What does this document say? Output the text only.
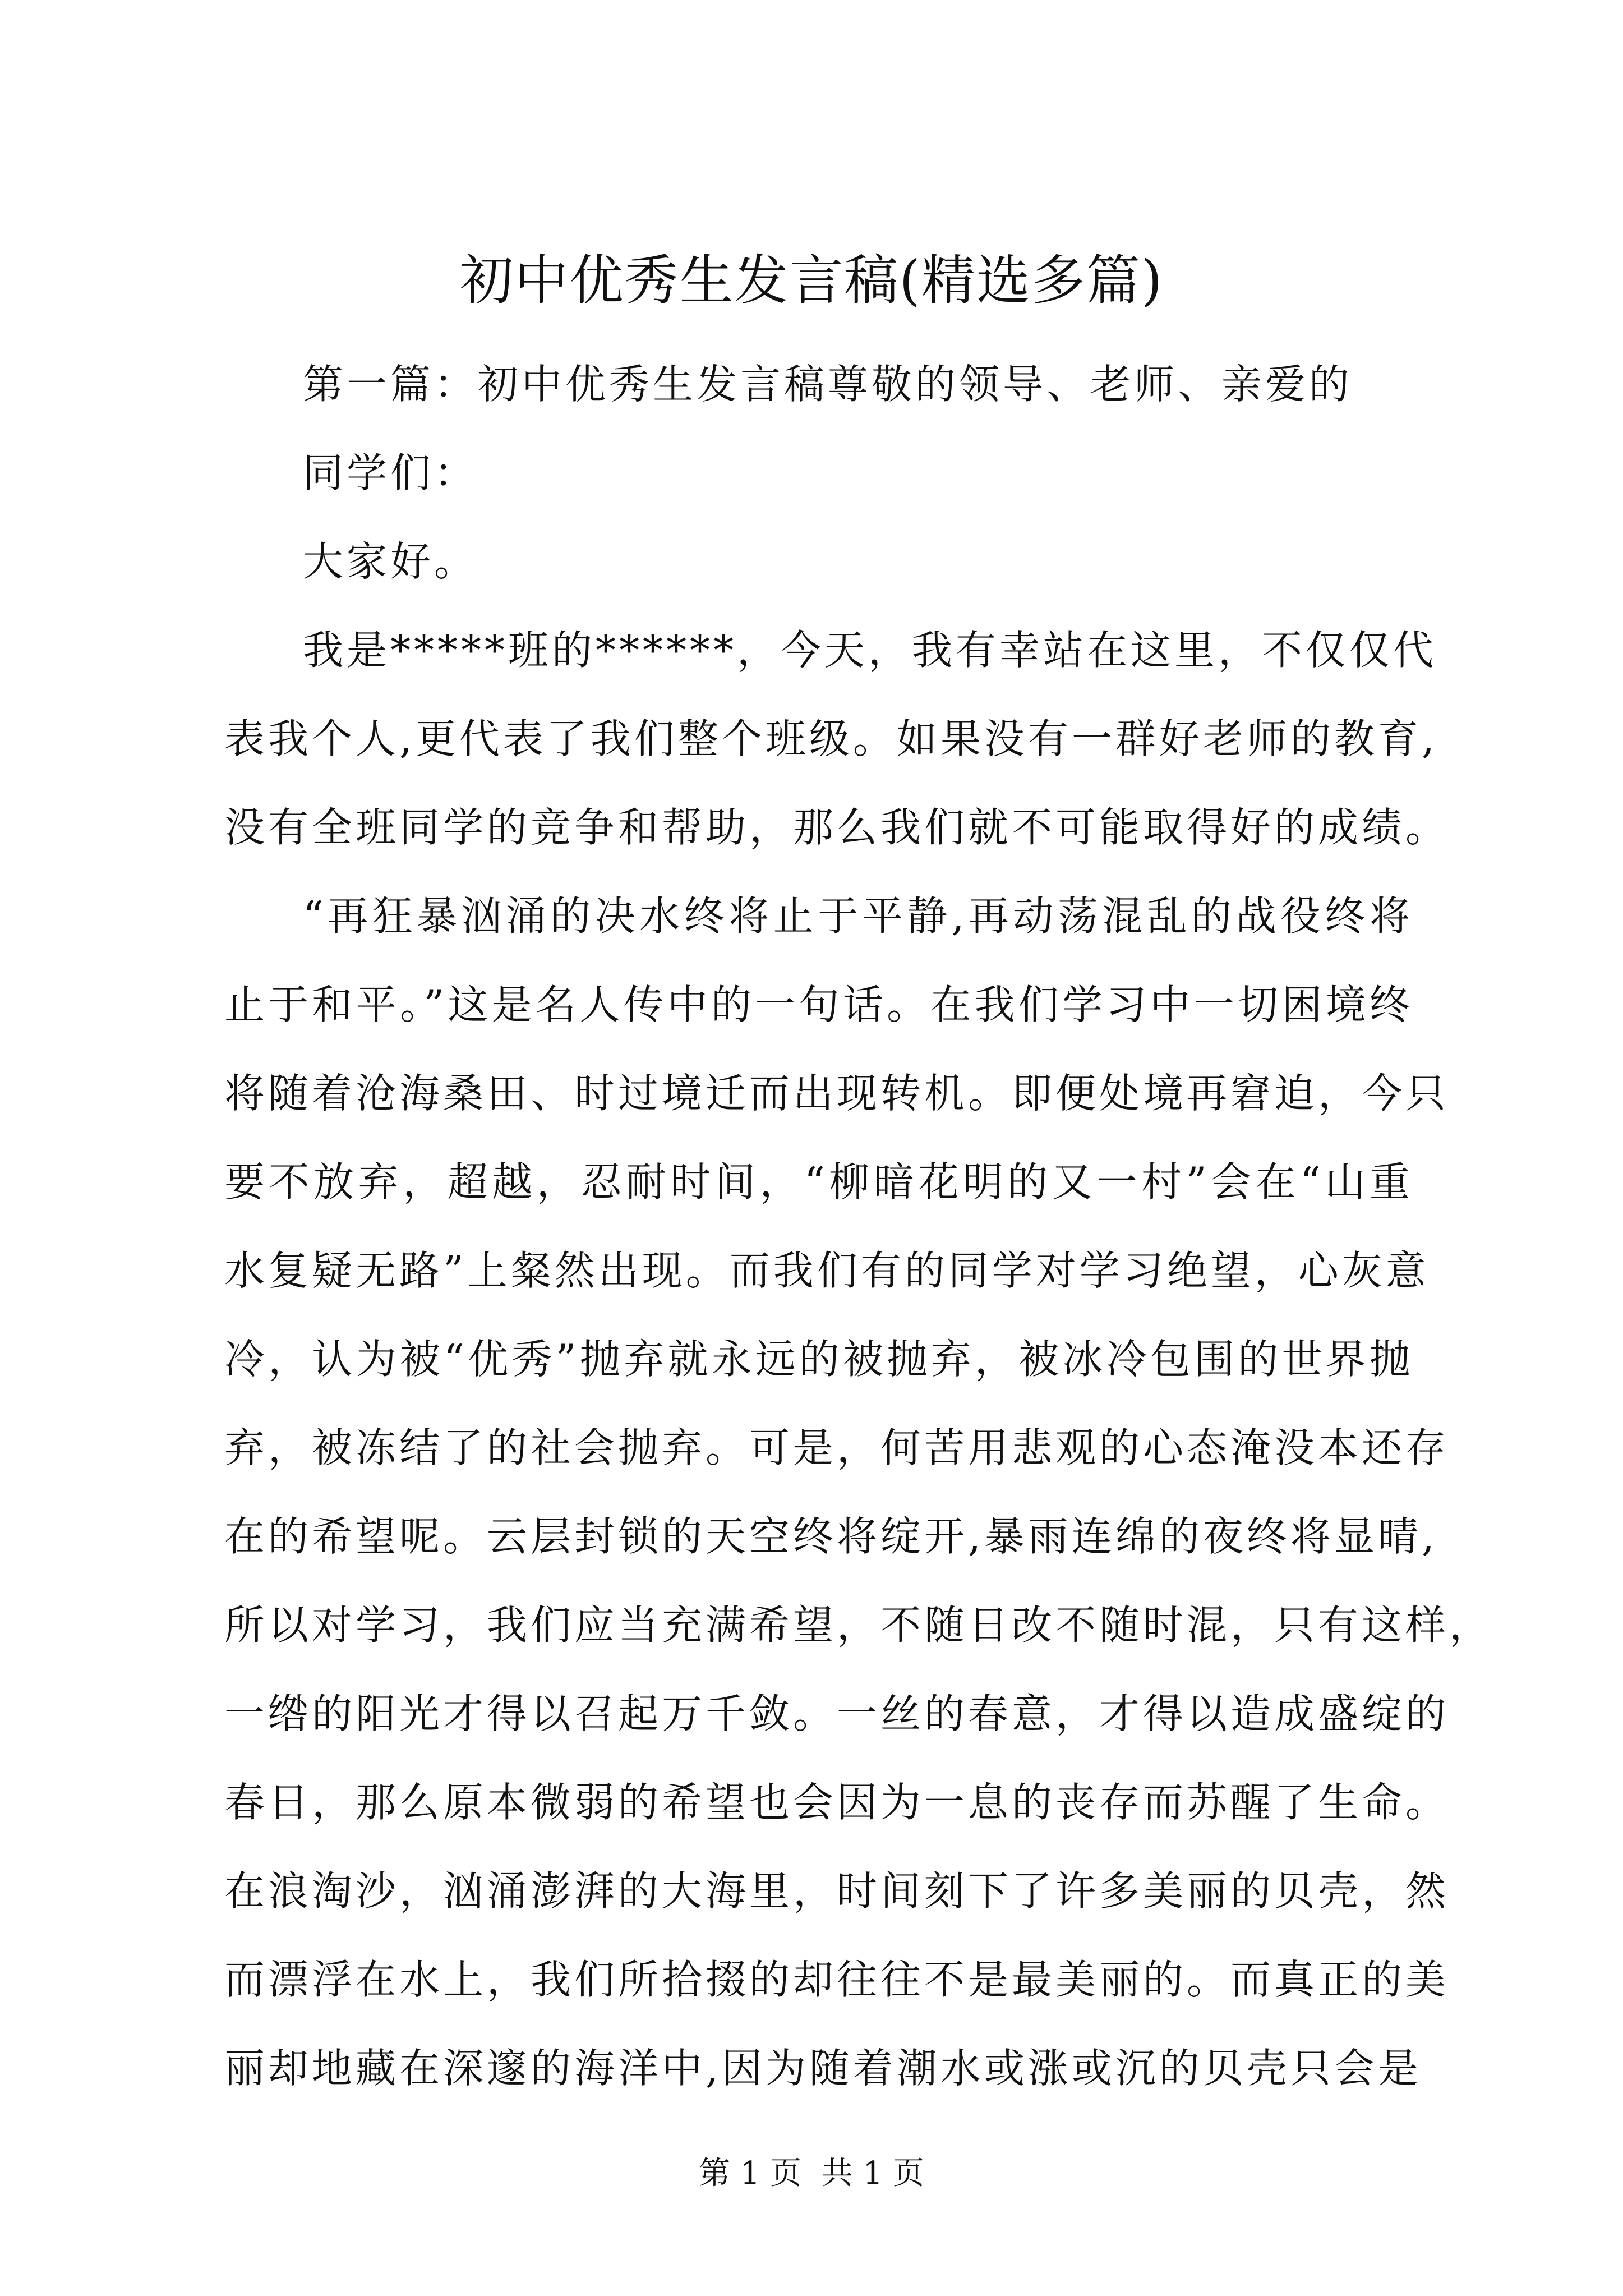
初中优秀生发言稿(精选多篇)

第一篇：初中优秀生发言稿尊敬的领导、老师、亲爱的

同学们：

大家好。

我是*****班的******，今天，我有幸站在这里，不仅仅代

表我个人,更代表了我们整个班级。如果没有一群好老师的教育,

没有全班同学的竞争和帮助，那么我们就不可能取得好的成绩。

“再狂暴汹涌的决水终将止于平静,再动荡混乱的战役终将

止于和平。”这是名人传中的一句话。在我们学习中一切困境终

将随着沧海桑田、时过境迁而出现转机。即便处境再窘迫，今只

要不放弃，超越，忍耐时间，“柳暗花明的又一村”会在“山重

水复疑无路”上粲然出现。而我们有的同学对学习绝望，心灰意

冷，认为被“优秀”抛弃就永远的被抛弃，被冰冷包围的世界抛

弃，被冻结了的社会抛弃。可是，何苦用悲观的心态淹没本还存

在的希望呢。云层封锁的天空终将绽开,暴雨连绵的夜终将显晴,

所以对学习，我们应当充满希望，不随日改不随时混，只有这样，

一绺的阳光才得以召起万千敛。一丝的春意，才得以造成盛绽的

春日，那么原本微弱的希望也会因为一息的丧存而苏醒了生命。

在浪淘沙，汹涌澎湃的大海里，时间刻下了许多美丽的贝壳，然

而漂浮在水上，我们所拾掇的却往往不是最美丽的。而真正的美

丽却地藏在深邃的海洋中,因为随着潮水或涨或沉的贝壳只会是

第 1 页  共 1 页
